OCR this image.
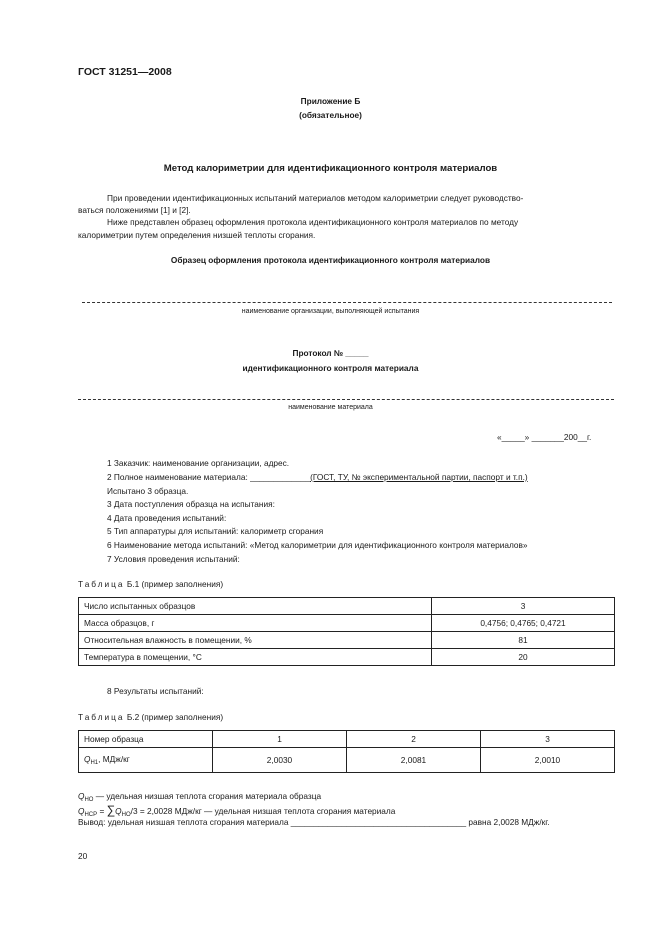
ГОСТ 31251—2008
Приложение Б
(обязательное)
Метод калориметрии для идентификационного контроля материалов
При проведении идентификационных испытаний материалов методом калориметрии следует руководство-
ваться положениями [1] и [2].
Ниже представлен образец оформления протокола идентификационного контроля материалов по методу
калориметрии путем определения низшей теплоты сгорания.
Образец оформления протокола идентификационного контроля материалов
наименование организации, выполняющей испытания
Протокол № _____
идентификационного контроля материала
наименование материала
«_____» _______200__г.
1 Заказчик: наименование организации, адрес.
2 Полное наименование материала: _____________(ГОСТ, ТУ, № экспериментальной партии, паспорт и т.п.)
Испытано 3 образца.
3 Дата поступления образца на испытания:
4 Дата проведения испытаний:
5 Тип аппаратуры для испытаний: калориметр сгорания
6 Наименование метода испытаний: «Метод калориметрии для идентификационного контроля материалов»
7 Условия проведения испытаний:
Таблица Б.1 (пример заполнения)
Число испытанных образцов	3
Масса образцов, г	0,4756; 0,4765; 0,4721
Относительная влажность в помещении, %	81
Температура в помещении, °С	20
8 Результаты испытаний:
Таблица Б.2 (пример заполнения)
Номер образца	1	2	3
$Q_{H1}$, МДж/кг	2,0030	2,0081	2,0010
$Q_{HO}$ — удельная низшая теплота сгорания материала образца
$Q_{HCP} = \sum Q_{HO}/3 = 2,0028$ МДж/кг — удельная низшая теплота сгорания материала
Вывод: удельная низшая теплота сгорания материала ______________________________________ равна 2,0028 МДж/кг.
20
